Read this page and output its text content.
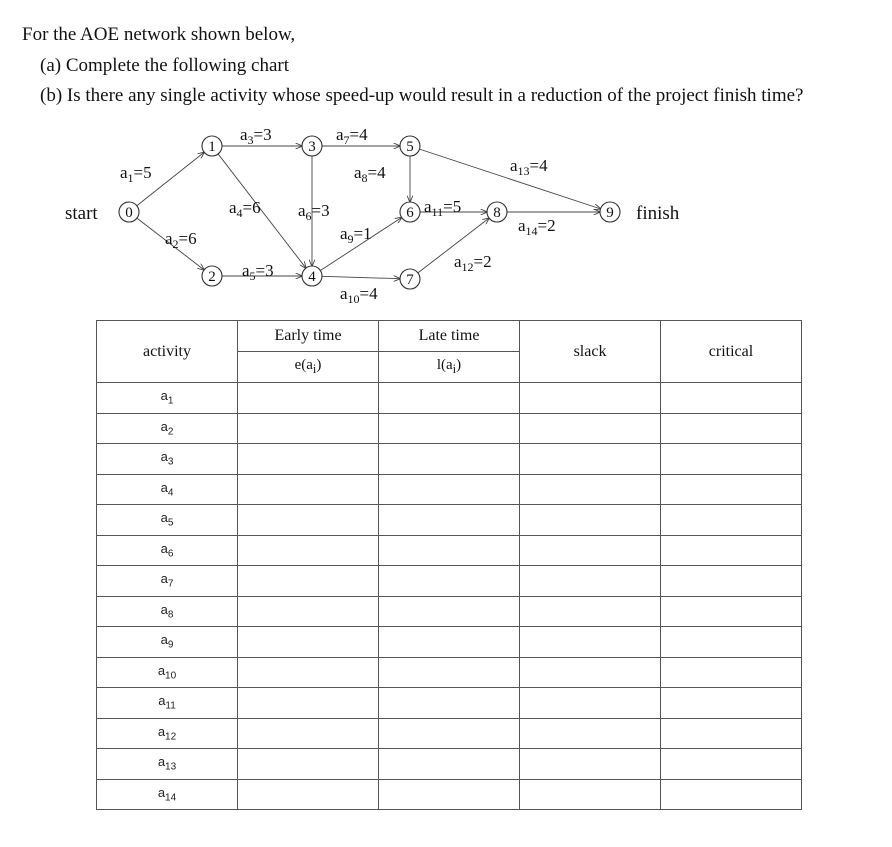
For the AOE network shown below,
(a) Complete the following chart
(b) Is there any single activity whose speed-up would result in a reduction of the project finish time?
$a_1=5$
$a_2=6$
$a_3=3$
$a_4=6$
$a_5=3$
$a_6=3$
$a_7=4$
$a_8=4$
$a_9=1$
$a_{10}=4$
$a_{11}=5$
$a_{12}=2$
$a_{13}=4$
$a_{14}=2$
0
1
2
3
4
5
6
7
8	9
start	finish
activity	Early time	Late time	slack	critical
	$e(a_i)$	$l(a_i)$		
$a_1$				
$a_2$				
$a_3$				
$a_4$				
$a_5$				
$a_6$				
$a_7$				
$a_8$				
$a_9$				
$a_{10}$				
$a_{11}$				
$a_{12}$				
$a_{13}$				
$a_{14}$				
